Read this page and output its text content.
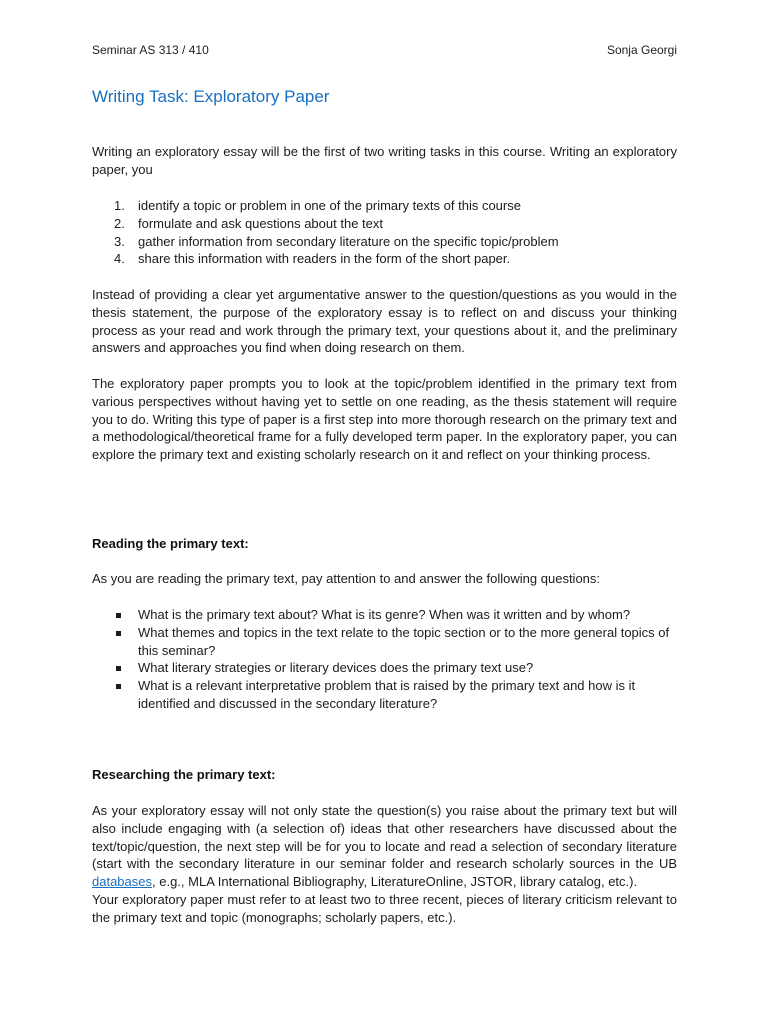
Seminar AS 313 / 410	Sonja Georgi
Writing Task: Exploratory Paper
Writing an exploratory essay will be the first of two writing tasks in this course. Writing an exploratory paper, you
1. identify a topic or problem in one of the primary texts of this course
2. formulate and ask questions about the text
3. gather information from secondary literature on the specific topic/problem
4. share this information with readers in the form of the short paper.
Instead of providing a clear yet argumentative answer to the question/questions as you would in the thesis statement, the purpose of the exploratory essay is to reflect on and discuss your thinking process as your read and work through the primary text, your questions about it, and the preliminary answers and approaches you find when doing research on them.
The exploratory paper prompts you to look at the topic/problem identified in the primary text from various perspectives without having yet to settle on one reading, as the thesis statement will require you to do. Writing this type of paper is a first step into more thorough research on the primary text and a methodological/theoretical frame for a fully developed term paper. In the exploratory paper, you can explore the primary text and existing scholarly research on it and reflect on your thinking process.
Reading the primary text:
As you are reading the primary text, pay attention to and answer the following questions:
What is the primary text about? What is its genre? When was it written and by whom?
What themes and topics in the text relate to the topic section or to the more general topics of this seminar?
What literary strategies or literary devices does the primary text use?
What is a relevant interpretative problem that is raised by the primary text and how is it identified and discussed in the secondary literature?
Researching the primary text:
As your exploratory essay will not only state the question(s) you raise about the primary text but will also include engaging with (a selection of) ideas that other researchers have discussed about the text/topic/question, the next step will be for you to locate and read a selection of secondary literature (start with the secondary literature in our seminar folder and research scholarly sources in the UB databases, e.g., MLA International Bibliography, LiteratureOnline, JSTOR, library catalog, etc.).
Your exploratory paper must refer to at least two to three recent, pieces of literary criticism relevant to the primary text and topic (monographs; scholarly papers, etc.).
